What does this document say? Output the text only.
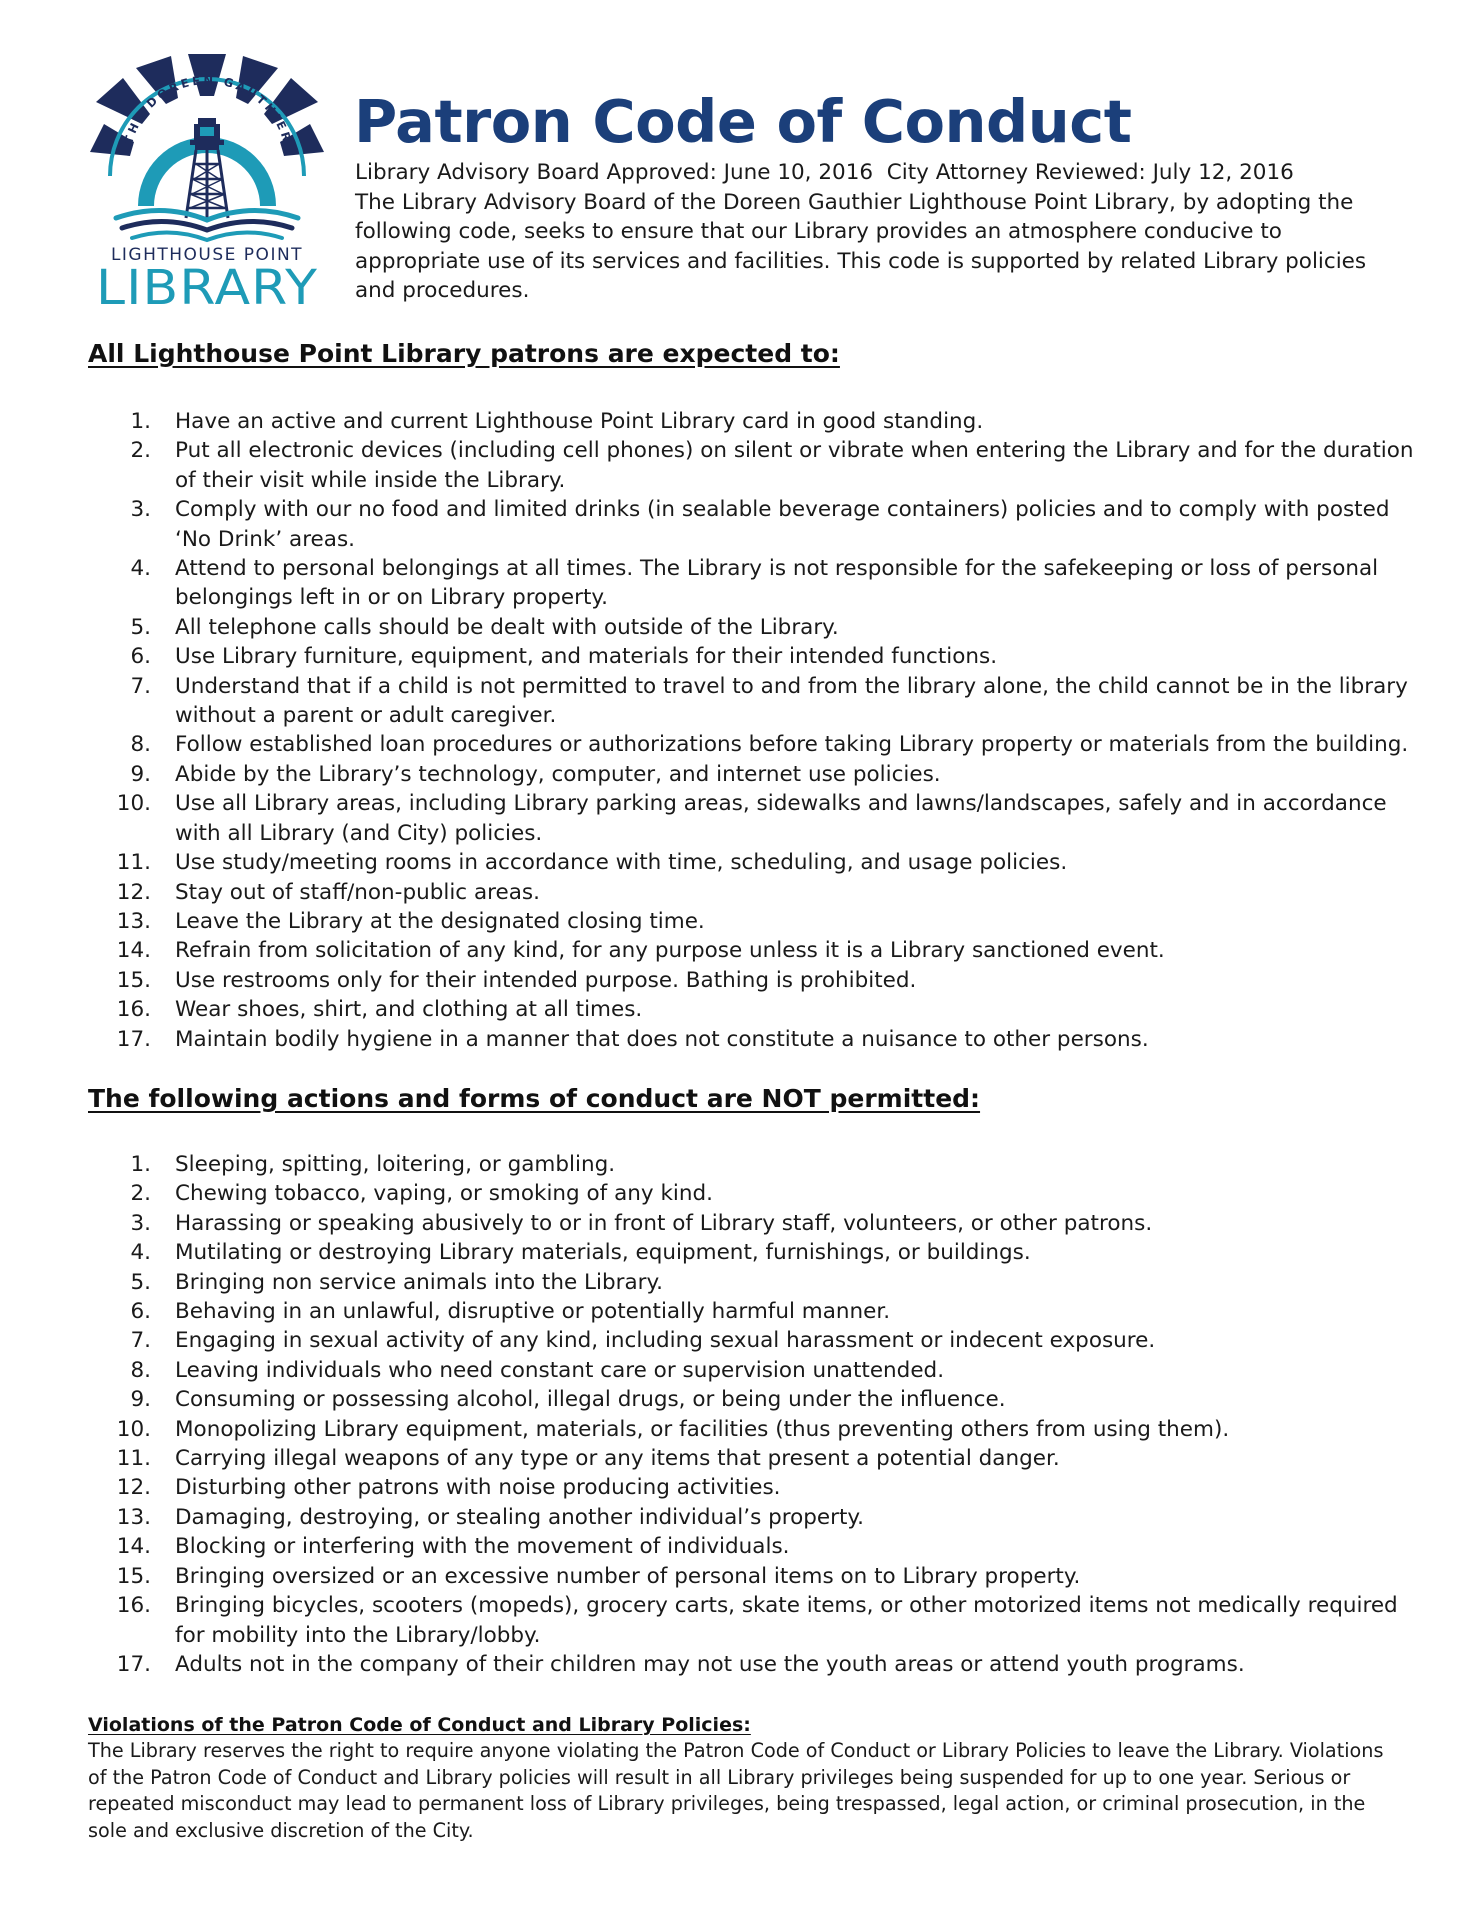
THE DOREEN GAUTHIER
LIGHTHOUSE POINT
LIBRARY
Patron Code of Conduct

Library Advisory Board Approved: June 10, 2016  City Attorney Reviewed: July 12, 2016

The Library Advisory Board of the Doreen Gauthier Lighthouse Point Library, by adopting the following code, seeks to ensure that our Library provides an atmosphere conducive to appropriate use of its services and facilities. This code is supported by related Library policies and procedures.

All Lighthouse Point Library patrons are expected to:
1. Have an active and current Lighthouse Point Library card in good standing.
2. Put all electronic devices (including cell phones) on silent or vibrate when entering the Library and for the duration of their visit while inside the Library.
3. Comply with our no food and limited drinks (in sealable beverage containers) policies and to comply with posted ‘No Drink’ areas.
4. Attend to personal belongings at all times. The Library is not responsible for the safekeeping or loss of personal belongings left in or on Library property.
5. All telephone calls should be dealt with outside of the Library.
6. Use Library furniture, equipment, and materials for their intended functions.
7. Understand that if a child is not permitted to travel to and from the library alone, the child cannot be in the library without a parent or adult caregiver.
8. Follow established loan procedures or authorizations before taking Library property or materials from the building.
9. Abide by the Library’s technology, computer, and internet use policies.
10. Use all Library areas, including Library parking areas, sidewalks and lawns/landscapes, safely and in accordance with all Library (and City) policies.
11. Use study/meeting rooms in accordance with time, scheduling, and usage policies.
12. Stay out of staff/non-public areas.
13. Leave the Library at the designated closing time.
14. Refrain from solicitation of any kind, for any purpose unless it is a Library sanctioned event.
15. Use restrooms only for their intended purpose. Bathing is prohibited.
16. Wear shoes, shirt, and clothing at all times.
17. Maintain bodily hygiene in a manner that does not constitute a nuisance to other persons.
The following actions and forms of conduct are NOT permitted:
1. Sleeping, spitting, loitering, or gambling.
2. Chewing tobacco, vaping, or smoking of any kind.
3. Harassing or speaking abusively to or in front of Library staff, volunteers, or other patrons.
4. Mutilating or destroying Library materials, equipment, furnishings, or buildings.
5. Bringing non service animals into the Library.
6. Behaving in an unlawful, disruptive or potentially harmful manner.
7. Engaging in sexual activity of any kind, including sexual harassment or indecent exposure.
8. Leaving individuals who need constant care or supervision unattended.
9. Consuming or possessing alcohol, illegal drugs, or being under the influence.
10. Monopolizing Library equipment, materials, or facilities (thus preventing others from using them).
11. Carrying illegal weapons of any type or any items that present a potential danger.
12. Disturbing other patrons with noise producing activities.
13. Damaging, destroying, or stealing another individual’s property.
14. Blocking or interfering with the movement of individuals.
15. Bringing oversized or an excessive number of personal items on to Library property.
16. Bringing bicycles, scooters (mopeds), grocery carts, skate items, or other motorized items not medically required for mobility into the Library/lobby.
17. Adults not in the company of their children may not use the youth areas or attend youth programs.
Violations of the Patron Code of Conduct and Library Policies:

The Library reserves the right to require anyone violating the Patron Code of Conduct or Library Policies to leave the Library. Violations of the Patron Code of Conduct and Library policies will result in all Library privileges being suspended for up to one year. Serious or repeated misconduct may lead to permanent loss of Library privileges, being trespassed, legal action, or criminal prosecution, in the sole and exclusive discretion of the City.
